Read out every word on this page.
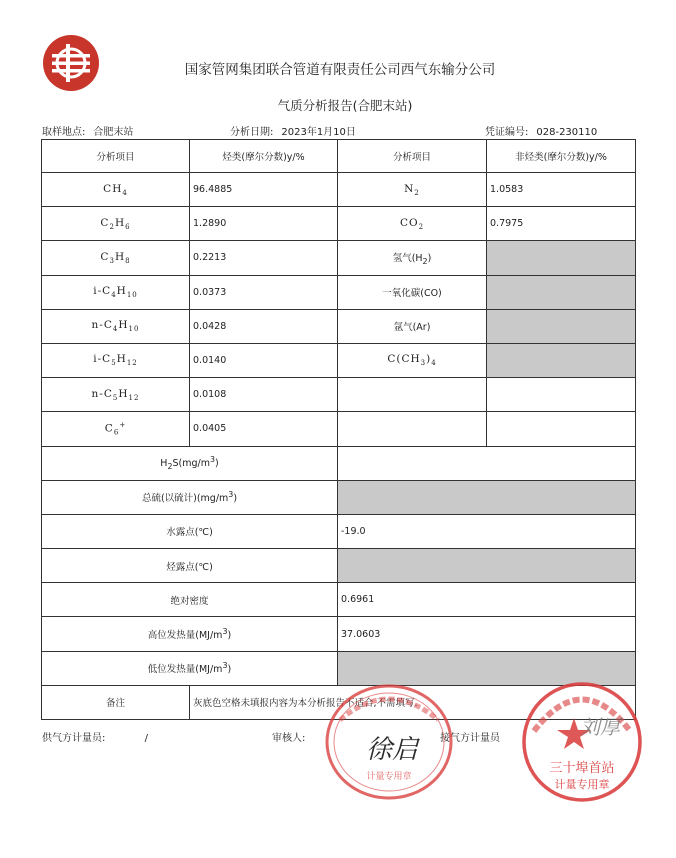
国家管网集团联合管道有限责任公司西气东输分公司
气质分析报告(合肥末站)
取样地点: 合肥末站	分析日期: 2023年1月10日	凭证编号: 028-230110
分析项目	烃类(摩尔分数)y/%	分析项目	非烃类(摩尔分数)y/%
$CH_4$	96.4885	$N_2$	1.0583
$C_2H_6$	1.2890	$CO_2$	0.7975
$C_3H_8$	0.2213	氢气$(H_2)$	
$i-C_4H_{10}$	0.0373	一氧化碳(CO)	
$n-C_4H_{10}$	0.0428	氩气(Ar)	
$i-C_5H_{12}$	0.0140	$C(CH_3)_4$	
$n-C_5H_{12}$	0.0108		
$C_6^+$	0.0405		
$H_2S(mg/m^3)$			
总硫(以硫计)$(mg/m^3)$			
水露点(℃)		-19.0	
烃露点(℃)			
绝对密度		0.6961	
高位发热量$(MJ/m^3)$		37.0603	
低位发热量$(MJ/m^3)$			
备注	灰底色空格未填报内容为本分析报告不适合,不需填写.		
供气方计量员:	/	审核人:	接气方计量员
计量专用章
徐启
刘厚
三十埠首站
计量专用章
